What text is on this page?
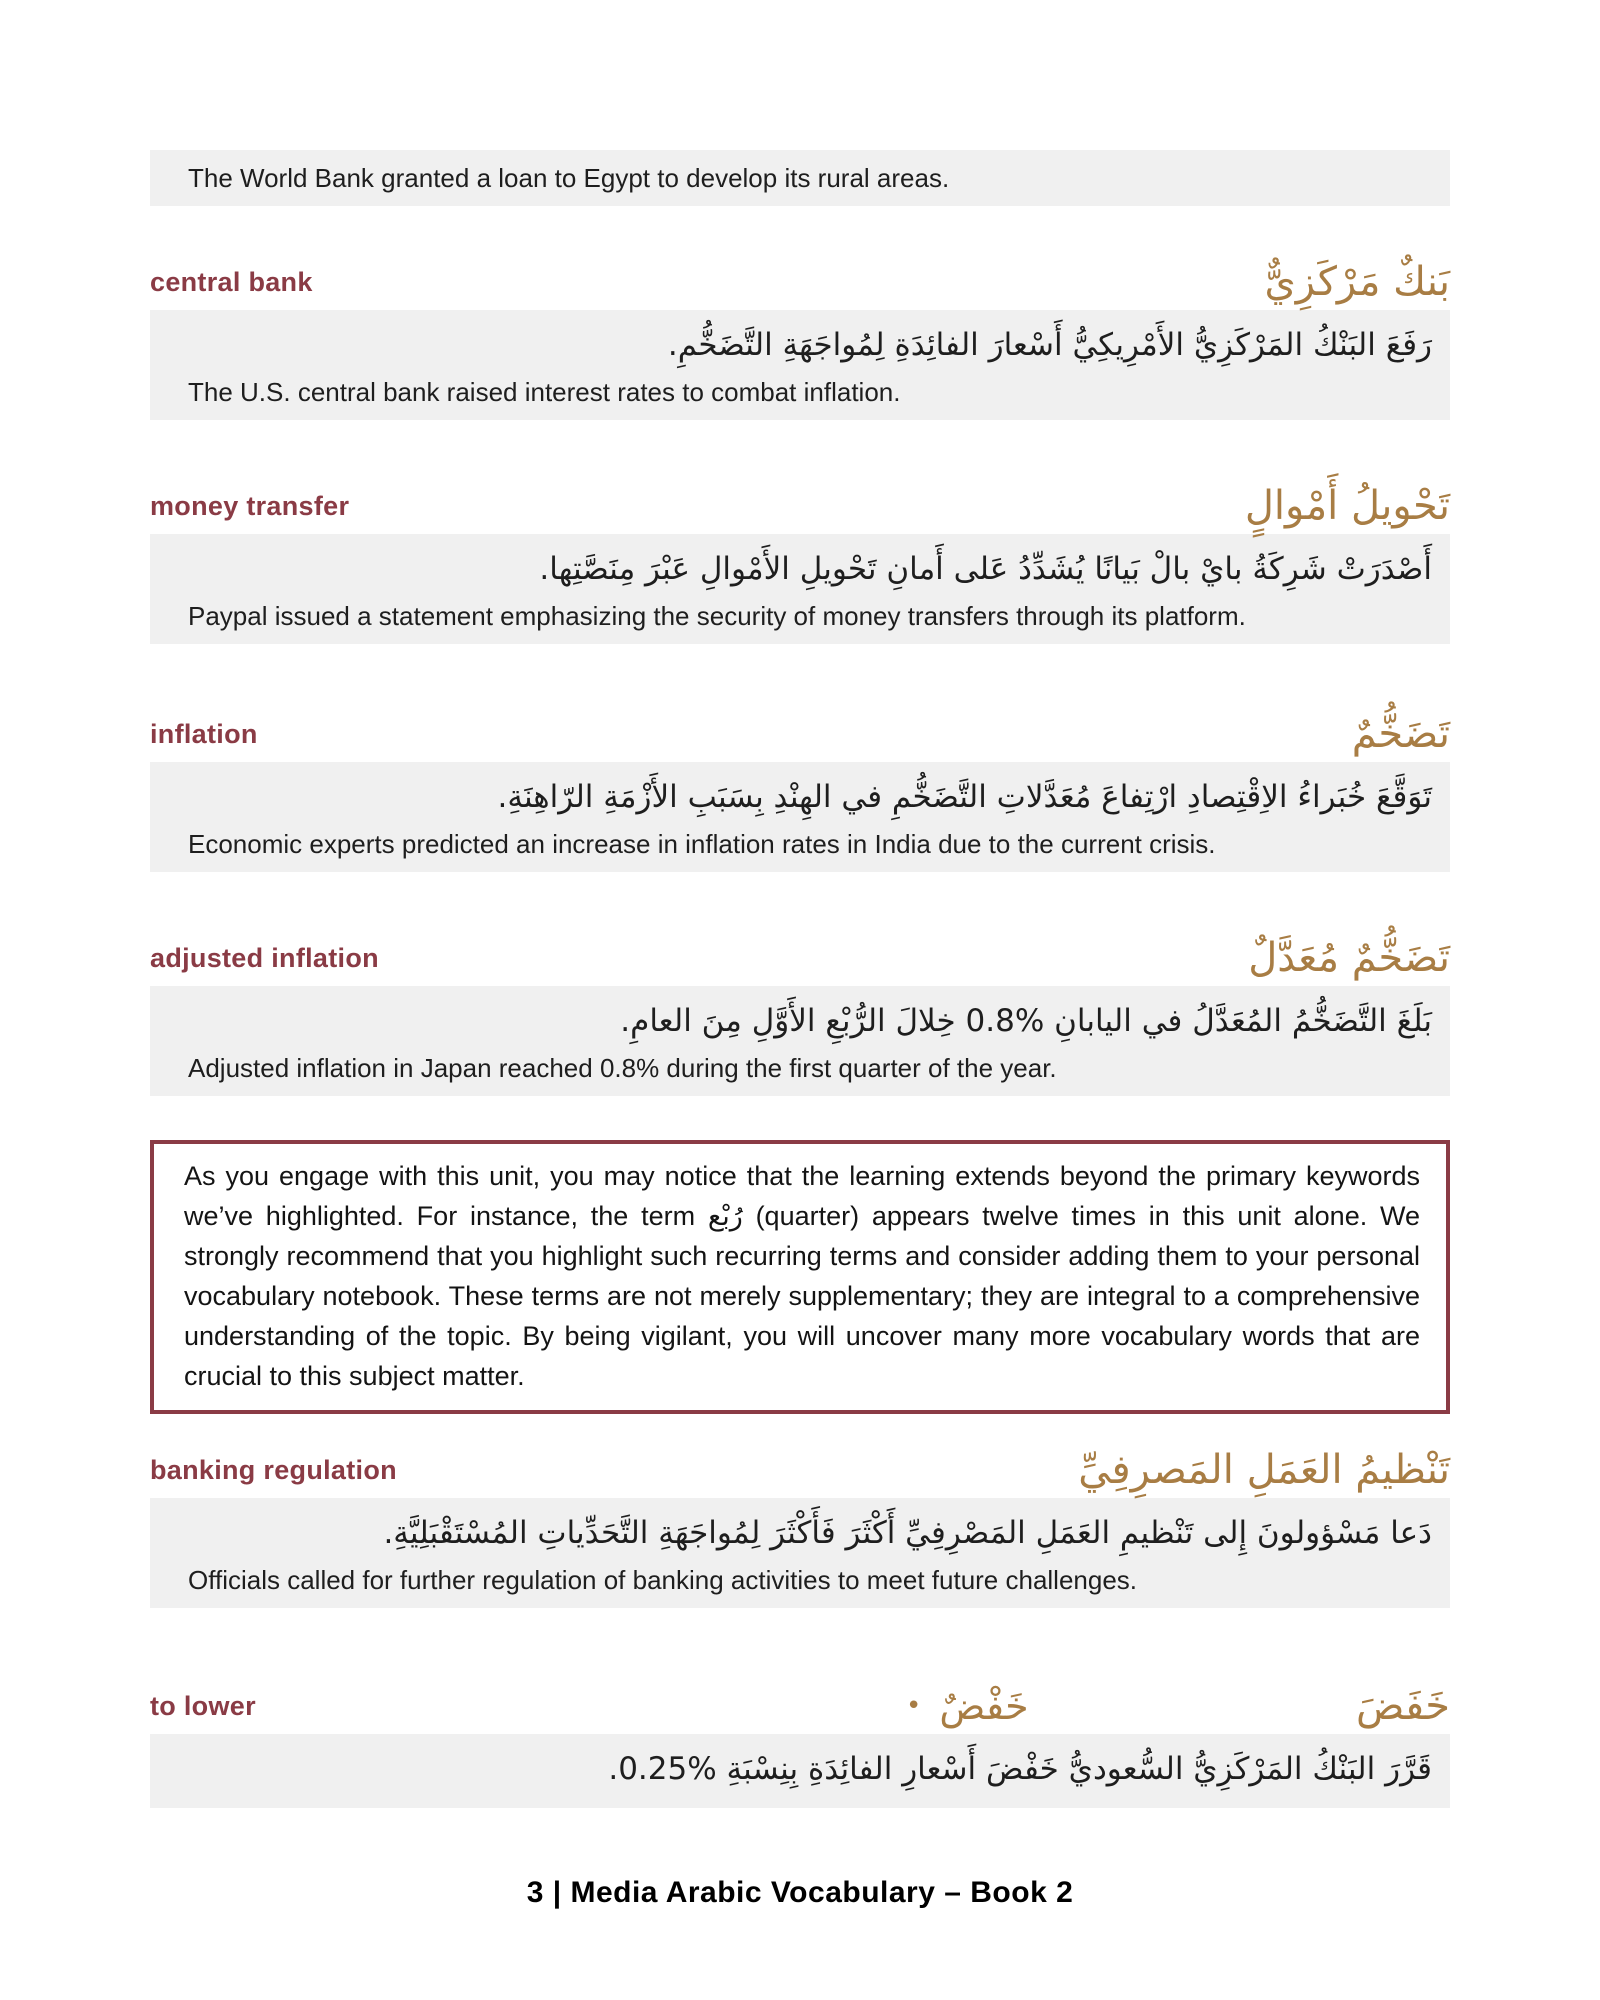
The World Bank granted a loan to Egypt to develop its rural areas.
central bank	بَنكٌ مَرْكَزِيٌّ
رَفَعَ البَنْكُ المَرْكَزِيُّ الأَمْرِيكِيُّ أَسْعارَ الفائِدَةِ لِمُواجَهَةِ التَّضَخُّمِ.
The U.S. central bank raised interest rates to combat inflation.
money transfer	تَحْويلُ أَمْوالٍ
أَصْدَرَتْ شَرِكَةُ بايْ بالْ بَيانًا يُشَدِّدُ عَلى أَمانِ تَحْويلِ الأَمْوالِ عَبْرَ مِنَصَّتِها.
Paypal issued a statement emphasizing the security of money transfers through its platform.
inflation	تَضَخُّمٌ
تَوَقَّعَ خُبَراءُ الاِقْتِصادِ ارْتِفاعَ مُعَدَّلاتِ التَّضَخُّمِ في الهِنْدِ بِسَبَبِ الأَزْمَةِ الرّاهِنَةِ.
Economic experts predicted an increase in inflation rates in India due to the current crisis.
adjusted inflation	تَضَخُّمٌ مُعَدَّلٌ
بَلَغَ التَّضَخُّمُ المُعَدَّلُ في اليابانِ %0.8 خِلالَ الرُّبْعِ الأَوَّلِ مِنَ العامِ.
Adjusted inflation in Japan reached 0.8% during the first quarter of the year.
As you engage with this unit, you may notice that the learning extends beyond the primary keywords we’ve highlighted. For instance, the term رُبْع (quarter) appears twelve times in this unit alone. We strongly recommend that you highlight such recurring terms and consider adding them to your personal vocabulary notebook. These terms are not merely supplementary; they are integral to a comprehensive understanding of the topic. By being vigilant, you will uncover many more vocabulary words that are crucial to this subject matter.
banking regulation	تَنْظيمُ العَمَلِ المَصرِفِيِّ
دَعا مَسْؤولونَ إِلى تَنْظيمِ العَمَلِ المَصْرِفِيِّ أَكْثَرَ فَأَكْثَرَ لِمُواجَهَةِ التَّحَدِّياتِ المُسْتَقْبَلِيَّةِ.
Officials called for further regulation of banking activities to meet future challenges.
to lower	• خَفْضٌ	خَفَضَ
قَرَّرَ البَنْكُ المَرْكَزِيُّ السُّعوديُّ خَفْضَ أَسْعارِ الفائِدَةِ بِنِسْبَةِ %0.25.
3 | Media Arabic Vocabulary – Book 2
